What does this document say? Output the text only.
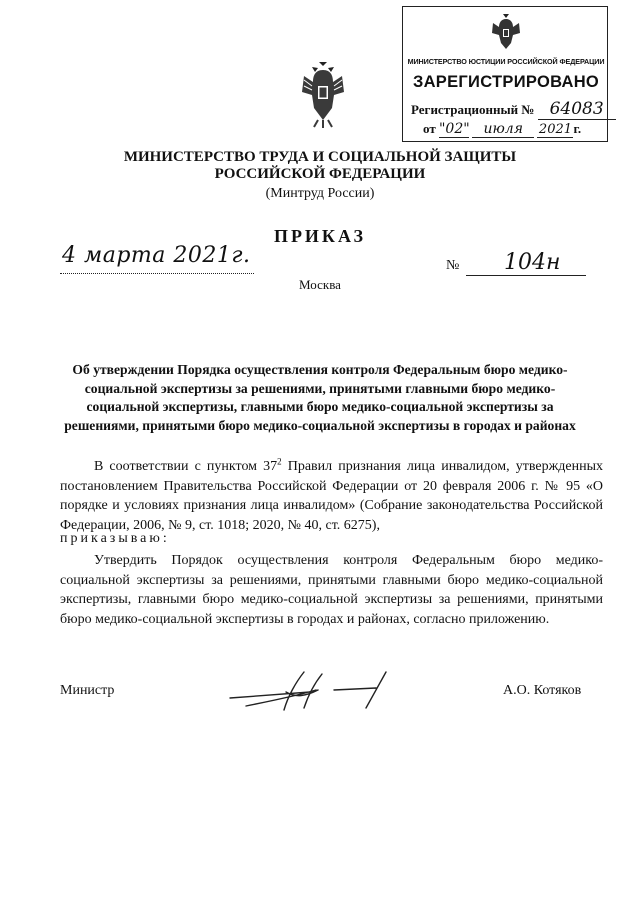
МИНИСТЕРСТВО ЮСТИЦИИ РОССИЙСКОЙ ФЕДЕРАЦИИ
ЗАРЕГИСТРИРОВАНО
Регистрационный № 64083
от "02" июля 2021г.
МИНИСТЕРСТВО ТРУДА И СОЦИАЛЬНОЙ ЗАЩИТЫ
РОССИЙСКОЙ ФЕДЕРАЦИИ
(Минтруд России)
ПРИКАЗ
4 марта 2021г.
Москва
№ 104н
Об утверждении Порядка осуществления контроля Федеральным бюро медико-социальной экспертизы за решениями, принятыми главными бюро медико-социальной экспертизы, главными бюро медико-социальной экспертизы за решениями, принятыми бюро медико-социальной экспертизы в городах и районах
В соответствии с пунктом $37^2$ Правил признания лица инвалидом, утвержденных постановлением Правительства Российской Федерации от 20 февраля 2006 г. № 95 «О порядке и условиях признания лица инвалидом» (Собрание законодательства Российской Федерации, 2006, № 9, ст. 1018; 2020, № 40, ст. 6275),
приказываю:
Утвердить Порядок осуществления контроля Федеральным бюро медико-социальной экспертизы за решениями, принятыми главными бюро медико-социальной экспертизы, главными бюро медико-социальной экспертизы за решениями, принятыми бюро медико-социальной экспертизы в городах и районах, согласно приложению.
Министр	А.О. Котяков
